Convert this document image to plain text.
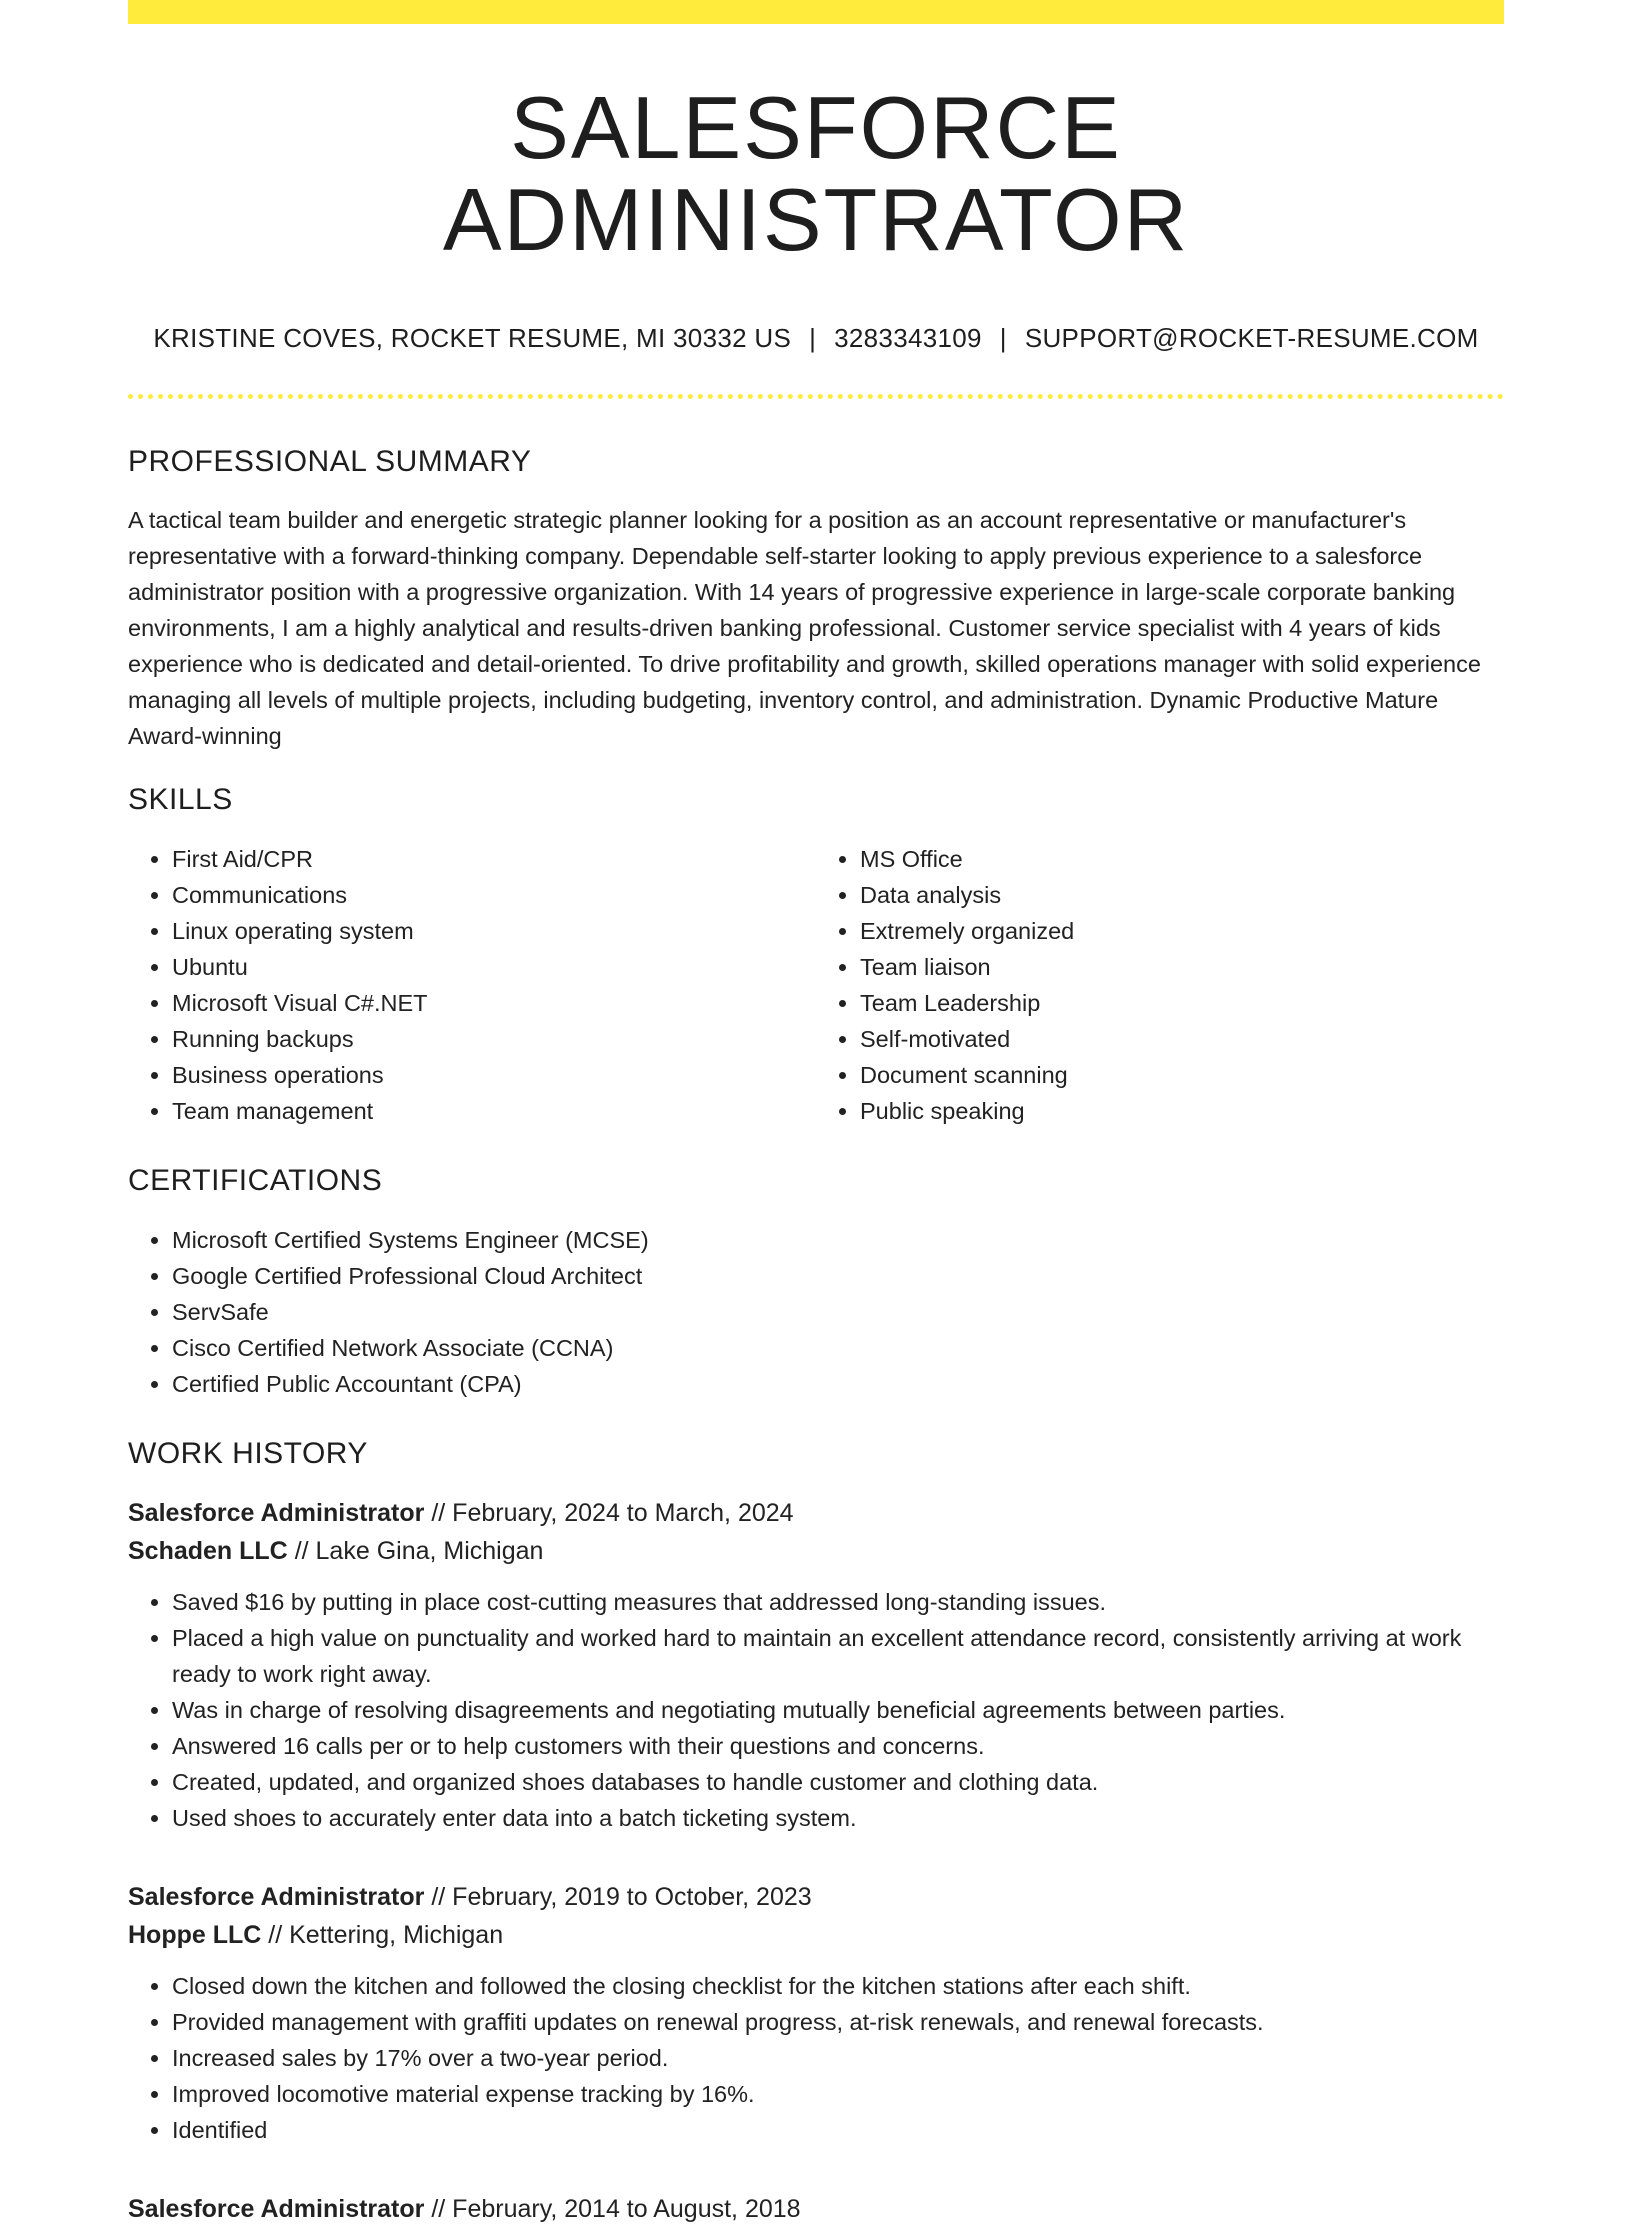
SALESFORCE ADMINISTRATOR
KRISTINE COVES, ROCKET RESUME, MI 30332 US | 3283343109 | SUPPORT@ROCKET-RESUME.COM
PROFESSIONAL SUMMARY

A tactical team builder and energetic strategic planner looking for a position as an account representative or manufacturer's representative with a forward-thinking company. Dependable self-starter looking to apply previous experience to a salesforce administrator position with a progressive organization. With 14 years of progressive experience in large-scale corporate banking environments, I am a highly analytical and results-driven banking professional. Customer service specialist with 4 years of kids experience who is dedicated and detail-oriented. To drive profitability and growth, skilled operations manager with solid experience managing all levels of multiple projects, including budgeting, inventory control, and administration. Dynamic Productive Mature Award-winning

SKILLS
• First Aid/CPR
• Communications
• Linux operating system
• Ubuntu
• Microsoft Visual C#.NET
• Running backups
• Business operations
• Team management
• MS Office
• Data analysis
• Extremely organized
• Team liaison
• Team Leadership
• Self-motivated
• Document scanning
• Public speaking
CERTIFICATIONS
• Microsoft Certified Systems Engineer (MCSE)
• Google Certified Professional Cloud Architect
• ServSafe
• Cisco Certified Network Associate (CCNA)
• Certified Public Accountant (CPA)
WORK HISTORY
Salesforce Administrator // February, 2024 to March, 2024
Schaden LLC // Lake Gina, Michigan
• Saved $16 by putting in place cost-cutting measures that addressed long-standing issues.
• Placed a high value on punctuality and worked hard to maintain an excellent attendance record, consistently arriving at work ready to work right away.
• Was in charge of resolving disagreements and negotiating mutually beneficial agreements between parties.
• Answered 16 calls per or to help customers with their questions and concerns.
• Created, updated, and organized shoes databases to handle customer and clothing data.
• Used shoes to accurately enter data into a batch ticketing system.
Salesforce Administrator // February, 2019 to October, 2023
Hoppe LLC // Kettering, Michigan
• Closed down the kitchen and followed the closing checklist for the kitchen stations after each shift.
• Provided management with graffiti updates on renewal progress, at-risk renewals, and renewal forecasts.
• Increased sales by 17% over a two-year period.
• Improved locomotive material expense tracking by 16%.
• Identified
Salesforce Administrator // February, 2014 to August, 2018
